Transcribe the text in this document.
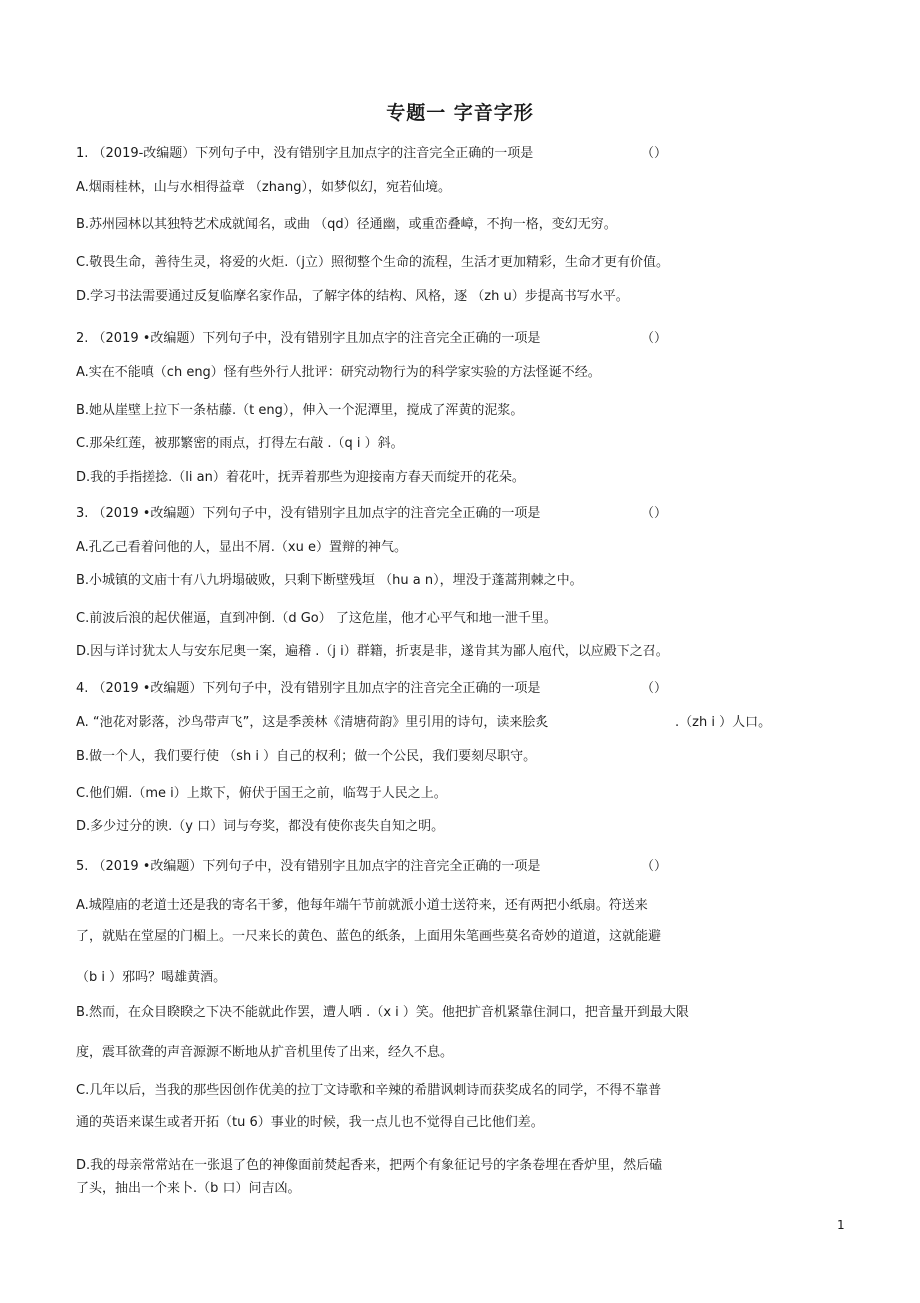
专题一 字音字形
1. （2019-改编题）下列句子中，没有错别字且加点字的注音完全正确的一项是	（）
A.烟雨桂林，山与水相得益章 （zhang），如梦似幻，宛若仙境。
B.苏州园林以其独特艺术成就闻名，或曲 （qd）径通幽，或重峦叠嶂，不拘一格，变幻无穷。
C.敬畏生命，善待生灵，将爱的火炬.（j立）照彻整个生命的流程，生活才更加精彩，生命才更有价值。
D.学习书法需要通过反复临摩名家作品，了解字体的结构、风格，逐 （zh u）步提高书写水平。
2. （2019 •改编题）下列句子中，没有错别字且加点字的注音完全正确的一项是	（）
A.实在不能嗔（ch eng）怪有些外行人批评：研究动物行为的科学家实验的方法怪诞不经。
B.她从崖壁上拉下一条枯藤.（t eng），伸入一个泥潭里，搅成了浑黄的泥浆。
C.那朵红莲，被那繁密的雨点，打得左右敲 .（q i ）斜。
D.我的手指搓捻.（li an）着花叶，抚弄着那些为迎接南方春天而绽开的花朵。
3. （2019 •改编题）下列句子中，没有错别字且加点字的注音完全正确的一项是	（）
A.孔乙己看着问他的人，显出不屑.（xu e）置辩的神气。
B.小城镇的文庙十有八九坍塌破败，只剩下断壁残垣 （hu a n），埋没于蓬蒿荆棘之中。
C.前波后浪的起伏催逼，直到冲倒.（d Go） 了这危崖，他才心平气和地一泄千里。
D.因与详讨犹太人与安东尼奥一案，遍稽 .（j i）群籍，折衷是非，遂肯其为鄙人庖代，以应殿下之召。
4. （2019 •改编题）下列句子中，没有错别字且加点字的注音完全正确的一项是	（）
A. “池花对影落，沙鸟带声飞”，这是季羡林《清塘荷韵》里引用的诗句，读来脍炙	.（zh i ）人口。
B.做一个人，我们要行使 （sh i ）自己的权利；做一个公民，我们要刻尽职守。
C.他们媚.（me i）上欺下，俯伏于国王之前，临驾于人民之上。
D.多少过分的谀.（y 口）词与夸奖，都没有使你丧失自知之明。
5. （2019 •改编题）下列句子中，没有错别字且加点字的注音完全正确的一项是	（）
A.城隍庙的老道士还是我的寄名干爹，他每年端午节前就派小道士送符来，还有两把小纸扇。符送来
了，就贴在堂屋的门楣上。一尺来长的黄色、蓝色的纸条，上面用朱笔画些莫名奇妙的道道，这就能避
（b i ）邪吗？喝雄黄酒。
B.然而，在众目睽睽之下决不能就此作罢，遭人哂 .（x i ）笑。他把扩音机紧靠住洞口，把音量开到最大限
度，震耳欲聋的声音源源不断地从扩音机里传了出来，经久不息。
C.几年以后，当我的那些因创作优美的拉丁文诗歌和辛辣的希腊讽刺诗而获奖成名的同学，不得不靠普
通的英语来谋生或者开拓（tu 6）事业的时候，我一点儿也不觉得自己比他们差。
D.我的母亲常常站在一张退了色的神像面前焚起香来，把两个有象征记号的字条卷埋在香炉里，然后磕
了头，抽出一个来卜.（b 口）问吉凶。
1
